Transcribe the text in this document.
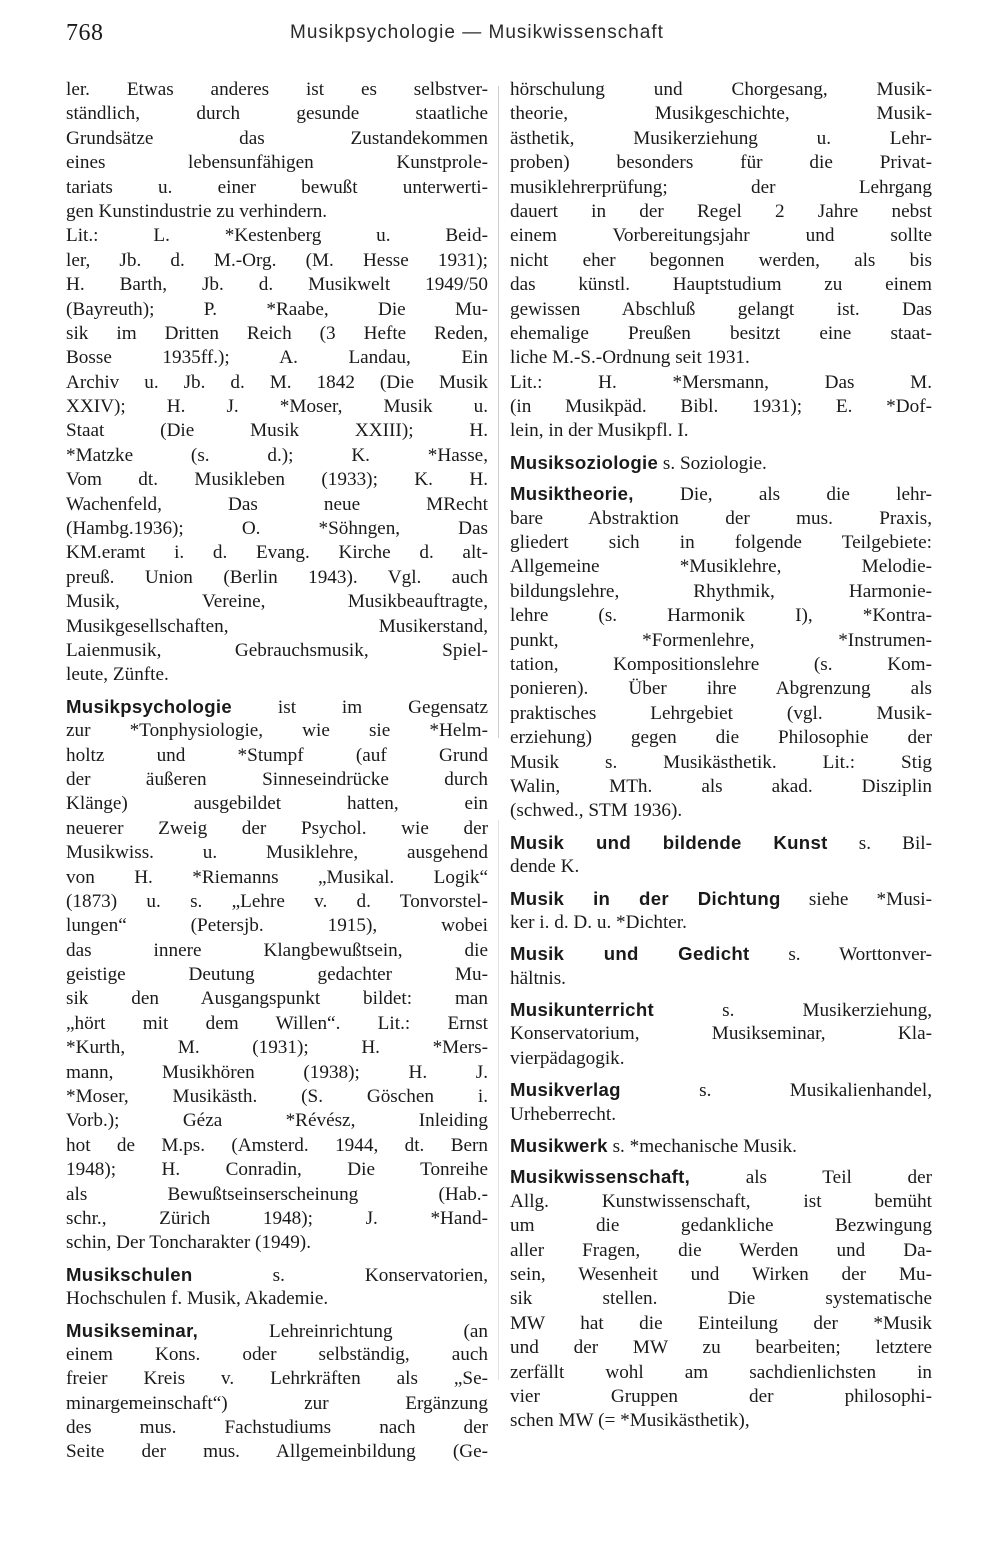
768	Musikpsychologie — Musikwissenschaft
ler. Etwas anderes ist es selbstver-
ständlich, durch gesunde staatliche
Grundsätze das Zustandekommen
eines lebensunfähigen Kunstprole-
tariats u. einer bewußt unterwerti-
gen Kunstindustrie zu verhindern.
Lit.: L. *Kestenberg u. Beid-
ler, Jb. d. M.-Org. (M. Hesse 1931);
H. Barth, Jb. d. Musikwelt 1949/50
(Bayreuth); P. *Raabe, Die Mu-
sik im Dritten Reich (3 Hefte Reden,
Bosse 1935ff.); A. Landau, Ein
Archiv u. Jb. d. M. 1842 (Die Musik
XXIV); H. J. *Moser, Musik u.
Staat (Die Musik XXIII); H.
*Matzke (s. d.); K. *Hasse,
Vom dt. Musikleben (1933); K. H.
Wachenfeld, Das neue MRecht
(Hambg.1936); O. *Söhngen, Das
KM.eramt i. d. Evang. Kirche d. alt-
preuß. Union (Berlin 1943). Vgl. auch
Musik, Vereine, Musikbeauftragte,
Musikgesellschaften, Musikerstand,
Laienmusik, Gebrauchsmusik, Spiel-
leute, Zünfte.
Musikpsychologie ist im Gegensatz
zur *Tonphysiologie, wie sie *Helm-
holtz und *Stumpf (auf Grund
der äußeren Sinneseindrücke durch
Klänge) ausgebildet hatten, ein
neuerer Zweig der Psychol. wie der
Musikwiss. u. Musiklehre, ausgehend
von H. *Riemanns „Musikal. Logik“
(1873) u. s. „Lehre v. d. Tonvorstel-
lungen“ (Petersjb. 1915), wobei
das innere Klangbewußtsein, die
geistige Deutung gedachter Mu-
sik den Ausgangspunkt bildet: man
„hört mit dem Willen“. Lit.: Ernst
*Kurth, M. (1931); H. *Mers-
mann, Musikhören (1938); H. J.
*Moser, Musikästh. (S. Göschen i.
Vorb.); Géza *Révész, Inleiding
hot de M.ps. (Amsterd. 1944, dt. Bern
1948); H. Conradin, Die Tonreihe
als Bewußtseinserscheinung (Hab.-
schr., Zürich 1948); J. *Hand-
schin, Der Toncharakter (1949).
Musikschulen s. Konservatorien,
Hochschulen f. Musik, Akademie.
Musikseminar, Lehreinrichtung (an
einem Kons. oder selbständig, auch
freier Kreis v. Lehrkräften als „Se-
minargemeinschaft“) zur Ergänzung
des mus. Fachstudiums nach der
Seite der mus. Allgemeinbildung (Ge-
hörschulung und Chorgesang, Musik-
theorie, Musikgeschichte, Musik-
ästhetik, Musikerziehung u. Lehr-
proben) besonders für die Privat-
musiklehrerprüfung; der Lehrgang
dauert in der Regel 2 Jahre nebst
einem Vorbereitungsjahr und sollte
nicht eher begonnen werden, als bis
das künstl. Hauptstudium zu einem
gewissen Abschluß gelangt ist. Das
ehemalige Preußen besitzt eine staat-
liche M.-S.-Ordnung seit 1931.
Lit.: H. *Mersmann, Das M.
(in Musikpäd. Bibl. 1931); E. *Dof-
lein, in der Musikpfl. I.
Musiksoziologie s. Soziologie.
Musiktheorie, Die, als die lehr-
bare Abstraktion der mus. Praxis,
gliedert sich in folgende Teilgebiete:
Allgemeine *Musiklehre, Melodie-
bildungslehre, Rhythmik, Harmonie-
lehre (s. Harmonik I), *Kontra-
punkt, *Formenlehre, *Instrumen-
tation, Kompositionslehre (s. Kom-
ponieren). Über ihre Abgrenzung als
praktisches Lehrgebiet (vgl. Musik-
erziehung) gegen die Philosophie der
Musik s. Musikästhetik. Lit.: Stig
Walin, MTh. als akad. Disziplin
(schwed., STM 1936).
Musik und bildende Kunst s. Bil-
dende K.
Musik in der Dichtung siehe *Musi-
ker i. d. D. u. *Dichter.
Musik und Gedicht s. Worttonver-
hältnis.
Musikunterricht s. Musikerziehung,
Konservatorium, Musikseminar, Kla-
vierpädagogik.
Musikverlag s. Musikalienhandel,
Urheberrecht.
Musikwerk s. *mechanische Musik.
Musikwissenschaft, als Teil der
Allg. Kunstwissenschaft, ist bemüht
um die gedankliche Bezwingung
aller Fragen, die Werden und Da-
sein, Wesenheit und Wirken der Mu-
sik stellen. Die systematische
MW hat die Einteilung der *Musik
und der MW zu bearbeiten; letztere
zerfällt wohl am sachdienlichsten in
vier Gruppen der philosophi-
schen MW (= *Musikästhetik),
